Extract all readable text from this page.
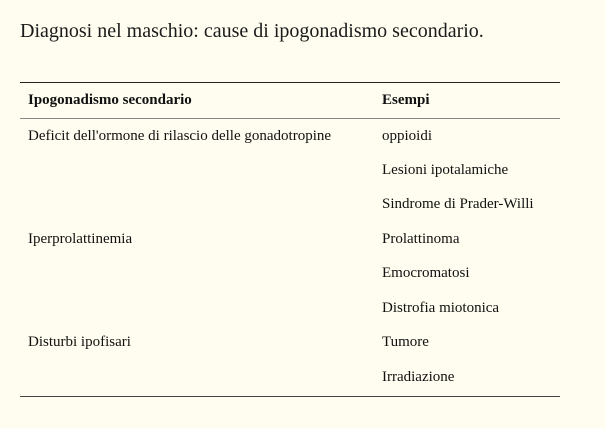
Diagnosi nel maschio: cause di ipogonadismo secondario.
Ipogonadismo secondario	Esempi
Deficit dell'ormone di rilascio delle gonadotropine	oppioidi
	Lesioni ipotalamiche
	Sindrome di Prader-Willi
Iperprolattinemia	Prolattinoma
	Emocromatosi
	Distrofia miotonica
Disturbi ipofisari	Tumore
	Irradiazione
